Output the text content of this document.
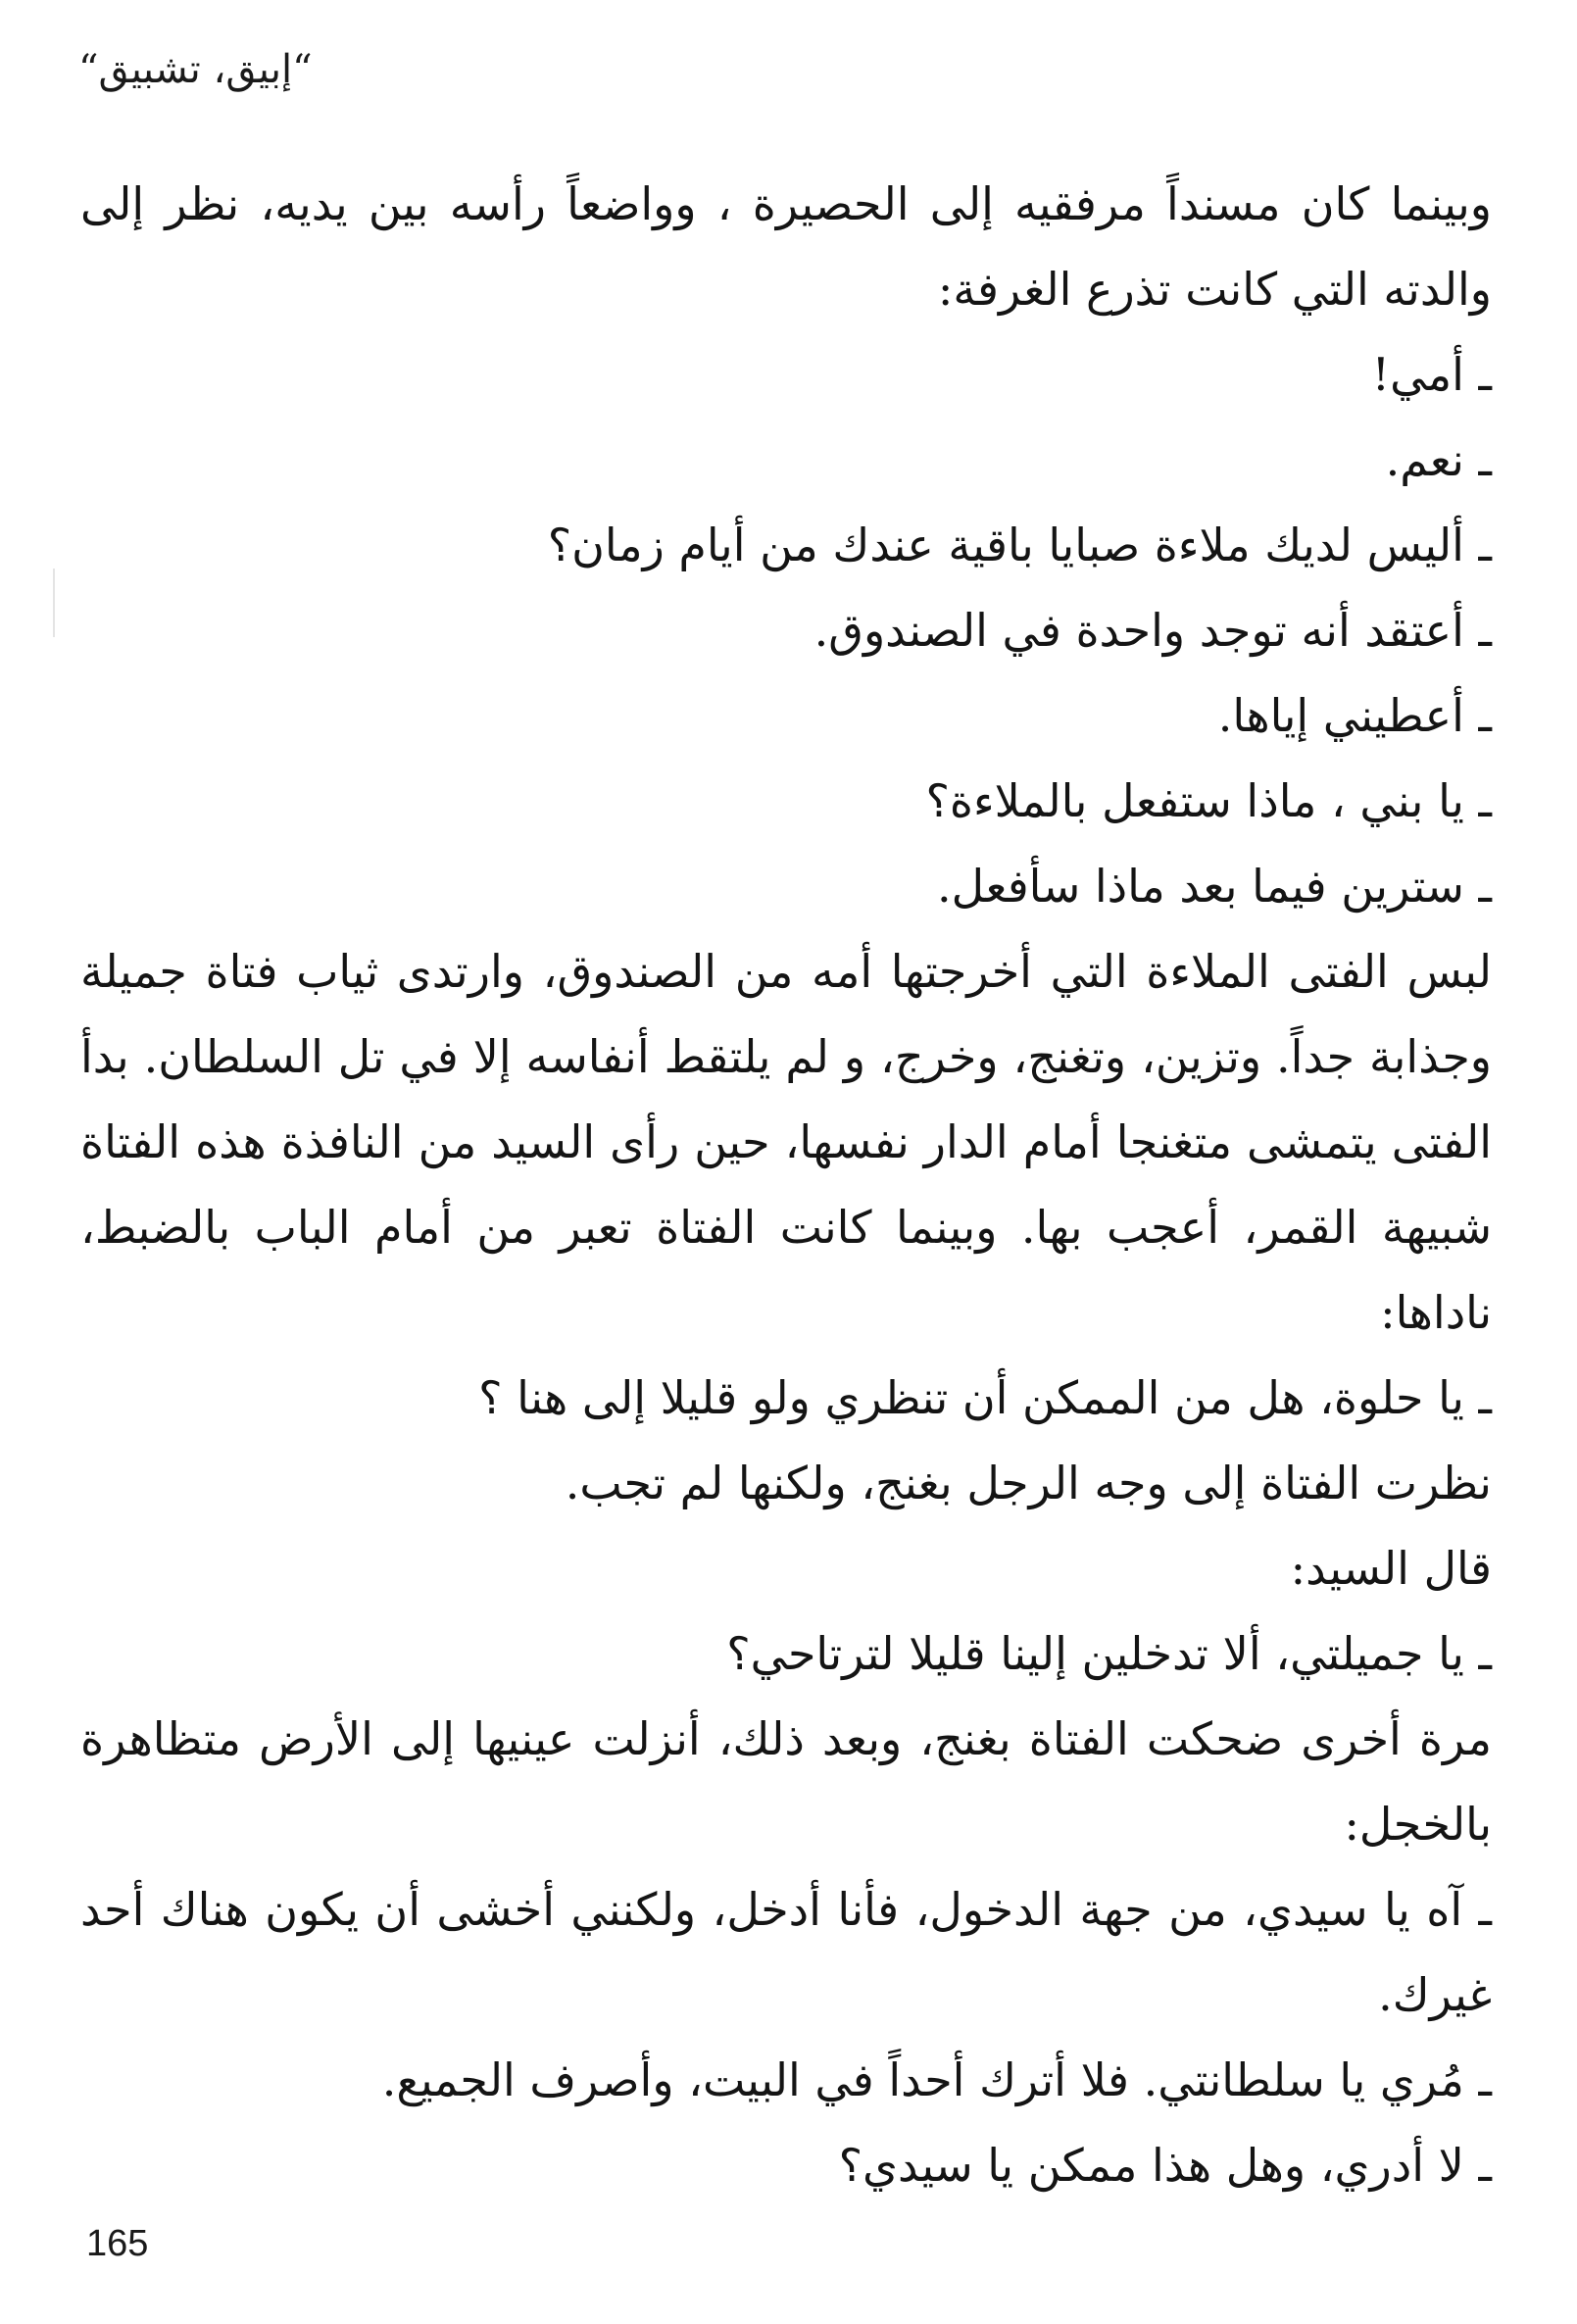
“إبيق، تشبيق“

وبينما كان مسنداً مرفقيه إلى الحصيرة ، وواضعاً رأسه بين يديه، نظر إلى والدته التي كانت تذرع الغرفة:

ـ أمي!

ـ نعم.

ـ أليس لديك ملاءة صبايا باقية عندك من أيام زمان؟

ـ أعتقد أنه توجد واحدة في الصندوق.

ـ أعطيني إياها.

ـ يا بني ، ماذا ستفعل بالملاءة؟

ـ سترين فيما بعد ماذا سأفعل.

لبس الفتى الملاءة التي أخرجتها أمه من الصندوق، وارتدى ثياب فتاة جميلة وجذابة جداً. وتزين، وتغنج، وخرج، و لم يلتقط أنفاسه إلا في تل السلطان. بدأ الفتى يتمشى متغنجا أمام الدار نفسها، حين رأى السيد من النافذة هذه الفتاة شبيهة القمر، أعجب بها. وبينما كانت الفتاة تعبر من أمام الباب بالضبط، ناداها:

ـ يا حلوة، هل من الممكن أن تنظري ولو قليلا إلى هنا ؟

نظرت الفتاة إلى وجه الرجل بغنج، ولكنها لم تجب.

قال السيد:

ـ يا جميلتي، ألا تدخلين إلينا قليلا لترتاحي؟

مرة أخرى ضحكت الفتاة بغنج، وبعد ذلك، أنزلت عينيها إلى الأرض متظاهرة بالخجل:

ـ آه يا سيدي، من جهة الدخول، فأنا أدخل، ولكنني أخشى أن يكون هناك أحد غيرك.

ـ مُري يا سلطانتي. فلا أترك أحداً في البيت، وأصرف الجميع.

ـ لا أدري، وهل هذا ممكن يا سيدي؟

165
